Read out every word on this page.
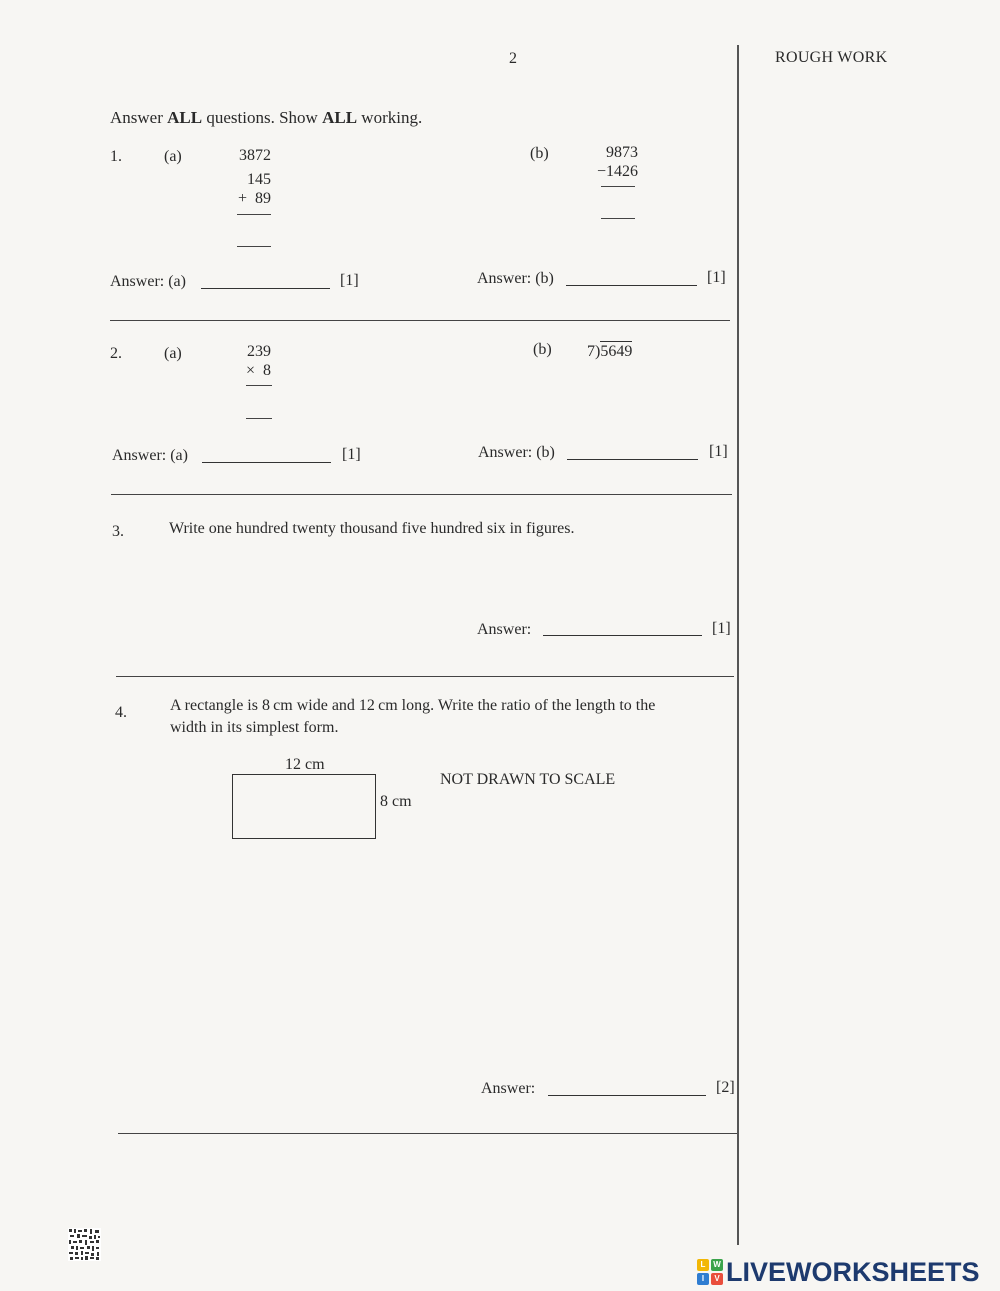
2	ROUGH WORK
Answer ALL questions. Show ALL working.
1.	(a)	3872
145
+  89
(b)	9873
−1426
Answer: (a)	[1]	Answer: (b)	[1]
2.	(a)	239
×  8
(b) 7)5649
Answer: (a)	[1]	Answer: (b)	[1]
3.	Write one hundred twenty thousand five hundred six in figures.
Answer:	[1]
4.	A rectangle is 8 cm wide and 12 cm long. Write the ratio of the length to the
width in its simplest form.
12 cm
8 cm
NOT DRAWN TO SCALE
Answer:	[2]
L W
I	V LIVEWORKSHEETS
